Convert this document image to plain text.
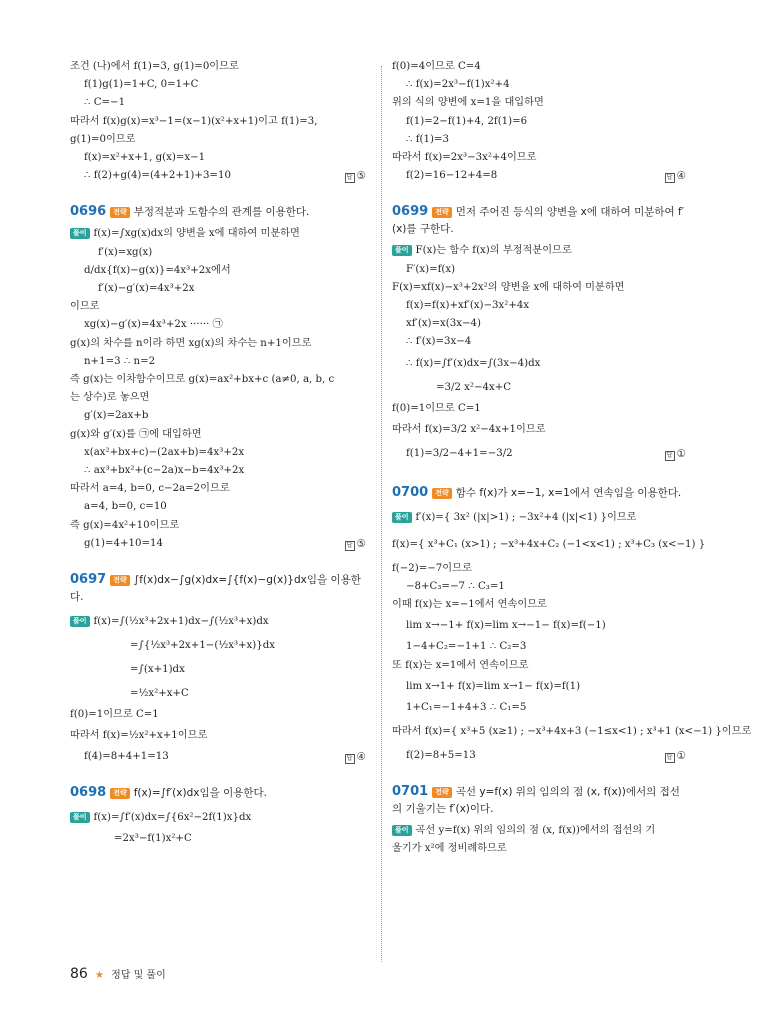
조건 (나)에서 f(1)=3, g(1)=0이므로
f(1)g(1)=1+C, 0=1+C
∴ C=−1
따라서 f(x)g(x)=x³−1=(x−1)(x²+x+1)이고 f(1)=3,
g(1)=0이므로
f(x)=x²+x+1, g(x)=x−1
∴ f(2)+g(4)=(4+2+1)+3=10	답 ⑤
0696 전략 부정적분과 도함수의 관계를 이용한다.
풀이 f(x)=∫xg(x)dx의 양변을 x에 대하여 미분하면
f′(x)=xg(x)
d/dx{f(x)−g(x)}=4x³+2x에서
f′(x)−g′(x)=4x³+2x
이므로
xg(x)−g′(x)=4x³+2x ······ ㉠
g(x)의 차수를 n이라 하면 xg(x)의 차수는 n+1이므로
n+1=3 ∴ n=2
즉 g(x)는 이차함수이므로 g(x)=ax²+bx+c (a≠0, a, b, c
는 상수)로 놓으면
g′(x)=2ax+b
g(x)와 g′(x)를 ㉠에 대입하면
x(ax²+bx+c)−(2ax+b)=4x³+2x
∴ ax³+bx²+(c−2a)x−b=4x³+2x
따라서 a=4, b=0, c−2a=2이므로
a=4, b=0, c=10
즉 g(x)=4x²+10이므로
g(1)=4+10=14	답 ⑤
0697 전략 ∫f(x)dx−∫g(x)dx=∫{f(x)−g(x)}dx임을 이용한다.
풀이 f(x)=∫(½x³+2x+1)dx−∫(½x³+x)dx
=∫{½x³+2x+1−(½x³+x)}dx
=∫(x+1)dx
=½x²+x+C
f(0)=1이므로 C=1
따라서 f(x)=½x²+x+1이므로
f(4)=8+4+1=13	답 ④
0698 전략 f(x)=∫f′(x)dx임을 이용한다.
풀이 f(x)=∫f′(x)dx=∫{6x²−2f(1)x}dx
=2x³−f(1)x²+C
f(0)=4이므로 C=4
∴ f(x)=2x³−f(1)x²+4
위의 식의 양변에 x=1을 대입하면
f(1)=2−f(1)+4, 2f(1)=6
∴ f(1)=3
따라서 f(x)=2x³−3x²+4이므로
f(2)=16−12+4=8	답 ④
0699 전략 먼저 주어진 등식의 양변을 x에 대하여 미분하여 f′(x)를 구한다.
풀이 F(x)는 함수 f(x)의 부정적분이므로
F′(x)=f(x)
F(x)=xf(x)−x³+2x²의 양변을 x에 대하여 미분하면
f(x)=f(x)+xf′(x)−3x²+4x
xf′(x)=x(3x−4)
∴ f′(x)=3x−4
∴ f(x)=∫f′(x)dx=∫(3x−4)dx
=3/2 x²−4x+C
f(0)=1이므로 C=1
따라서 f(x)=3/2 x²−4x+1이므로
f(1)=3/2−4+1=−3/2	답 ①
0700 전략 함수 f(x)가 x=−1, x=1에서 연속임을 이용한다.
풀이 f′(x)={ 3x² (|x|>1) ; −3x²+4 (|x|<1) }이므로
f(x)={ x³+C₁ (x>1) ; −x³+4x+C₂ (−1<x<1) ; x³+C₃ (x<−1) }
f(−2)=−7이므로
−8+C₃=−7 ∴ C₃=1
이때 f(x)는 x=−1에서 연속이므로
lim x→−1+ f(x)=lim x→−1− f(x)=f(−1)
1−4+C₂=−1+1 ∴ C₂=3
또 f(x)는 x=1에서 연속이므로
lim x→1+ f(x)=lim x→1− f(x)=f(1)
1+C₁=−1+4+3 ∴ C₁=5
따라서 f(x)={ x³+5 (x≥1) ; −x³+4x+3 (−1≤x<1) ; x³+1 (x<−1) }이므로
f(2)=8+5=13	답 ①
0701 전략 곡선 y=f(x) 위의 임의의 점 (x, f(x))에서의 접선의 기울기는 f′(x)이다.
풀이 곡선 y=f(x) 위의 임의의 점 (x, f(x))에서의 접선의 기
울기가 x²에 정비례하므로
86 ★ 정답 및 풀이
